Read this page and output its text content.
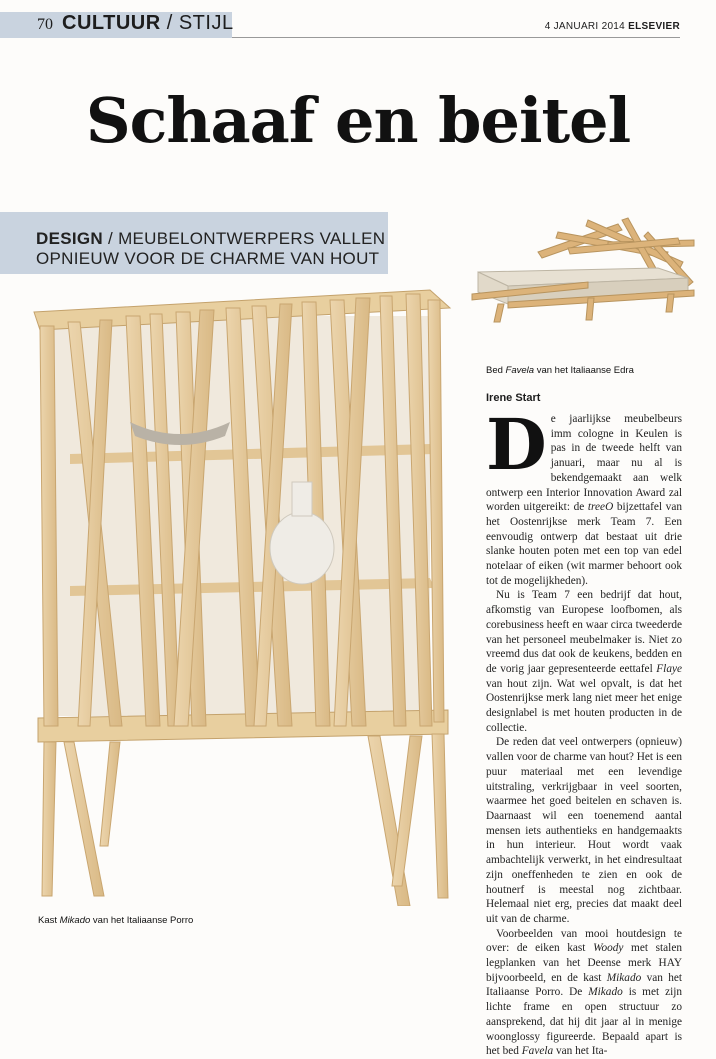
70 CULTUUR / STIJL	4 JANUARI 2014 ELSEVIER
Schaaf en beitel
DESIGN / MEUBELONTWERPERS VALLEN OPNIEUW VOOR DE CHARME VAN HOUT
Bed Favela van het Italiaanse Edra
Irene Start

De jaarlijkse meubelbeurs imm cologne in Keulen is pas in de tweede helft van januari, maar nu al is bekendgemaakt aan welk ontwerp een Interior Innovation Award zal worden uitgereikt: de treeO bijzettafel van het Oostenrijkse merk Team 7. Een eenvoudig ontwerp dat bestaat uit drie slanke houten poten met een top van edel notelaar of eiken (wit marmer behoort ook tot de mogelijkheden).

Nu is Team 7 een bedrijf dat hout, afkomstig van Europese loofbomen, als corebusiness heeft en waar circa tweederde van het personeel meubelmaker is. Niet zo vreemd dus dat ook de keukens, bedden en de vorig jaar gepresenteerde eettafel Flaye van hout zijn. Wat wel opvalt, is dat het Oostenrijkse merk lang niet meer het enige designlabel is met houten producten in de collectie.

De reden dat veel ontwerpers (opnieuw) vallen voor de charme van hout? Het is een puur materiaal met een levendige uitstraling, verkrijgbaar in veel soorten, waarmee het goed beitelen en schaven is. Daarnaast wil een toenemend aantal mensen iets authentieks en handgemaakts in hun interieur. Hout wordt vaak ambachtelijk verwerkt, in het eindresultaat zijn oneffenheden te zien en ook de houtnerf is meestal nog zichtbaar. Helemaal niet erg, precies dat maakt deel uit van de charme.

Voorbeelden van mooi houtdesign te over: de eiken kast Woody met stalen legplanken van het Deense merk HAY bijvoorbeeld, en de kast Mikado van het Italiaanse Porro. De Mikado is met zijn lichte frame en open structuur zo aansprekend, dat hij dit jaar al in menige woonglossy figureerde. Bepaald apart is het bed Favela van het Ita-

Kast Mikado van het Italiaanse Porro
